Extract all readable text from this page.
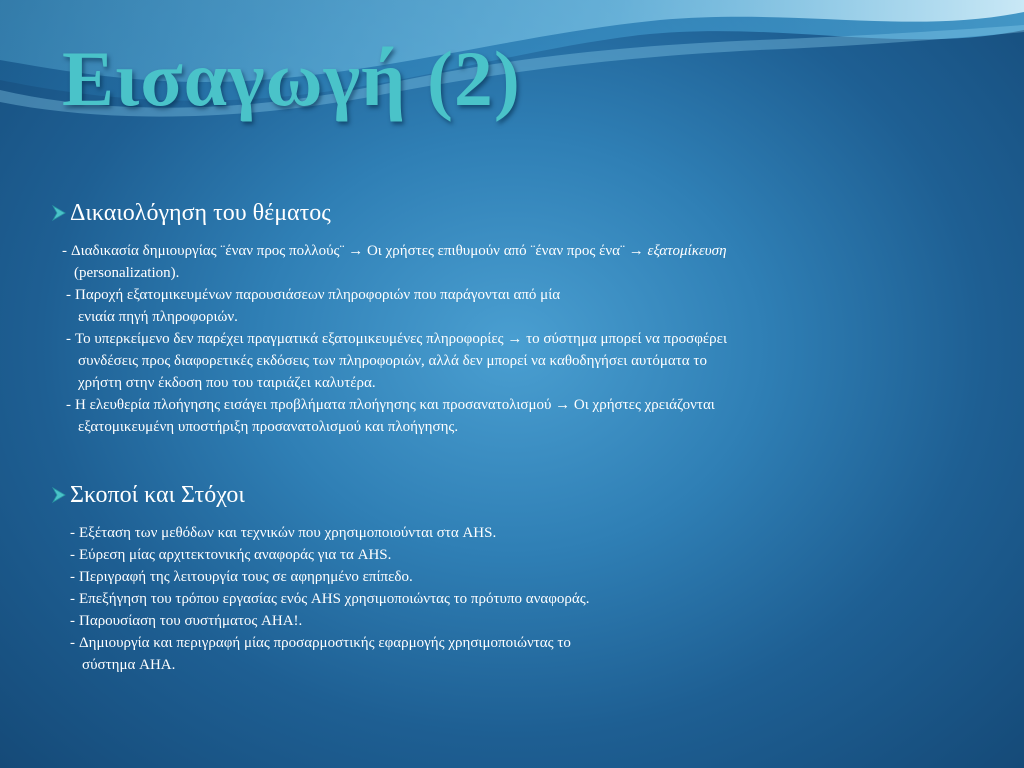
Εισαγωγή (2)
Δικαιολόγηση του θέματος
- Διαδικασία δημιουργίας ¨έναν προς πολλούς¨ → Οι χρήστες επιθυμούν από ¨έναν προς ένα¨ → εξατομίκευση
(personalization).
- Παροχή εξατομικευμένων παρουσιάσεων πληροφοριών που παράγονται από μία
ενιαία πηγή πληροφοριών.
- Το υπερκείμενο δεν παρέχει πραγματικά εξατομικευμένες πληροφορίες → το σύστημα μπορεί να προσφέρει
συνδέσεις προς διαφορετικές εκδόσεις των πληροφοριών, αλλά δεν μπορεί να καθοδηγήσει αυτόματα το
χρήστη στην έκδοση που του ταιριάζει καλυτέρα.
- Η ελευθερία πλοήγησης εισάγει προβλήματα πλοήγησης και προσανατολισμού → Οι χρήστες χρειάζονται
εξατομικευμένη υποστήριξη προσανατολισμού και πλοήγησης.
Σκοποί και Στόχοι
- Εξέταση των μεθόδων και τεχνικών που χρησιμοποιούνται στα AHS.
- Εύρεση μίας αρχιτεκτονικής αναφοράς για τα AHS.
- Περιγραφή της λειτουργία τους σε αφηρημένο επίπεδο.
- Επεξήγηση του τρόπου εργασίας ενός AHS χρησιμοποιώντας το πρότυπο αναφοράς.
- Παρουσίαση του συστήματος AHA!.
- Δημιουργία και περιγραφή μίας προσαρμοστικής εφαρμογής χρησιμοποιώντας το
σύστημα AHA.
